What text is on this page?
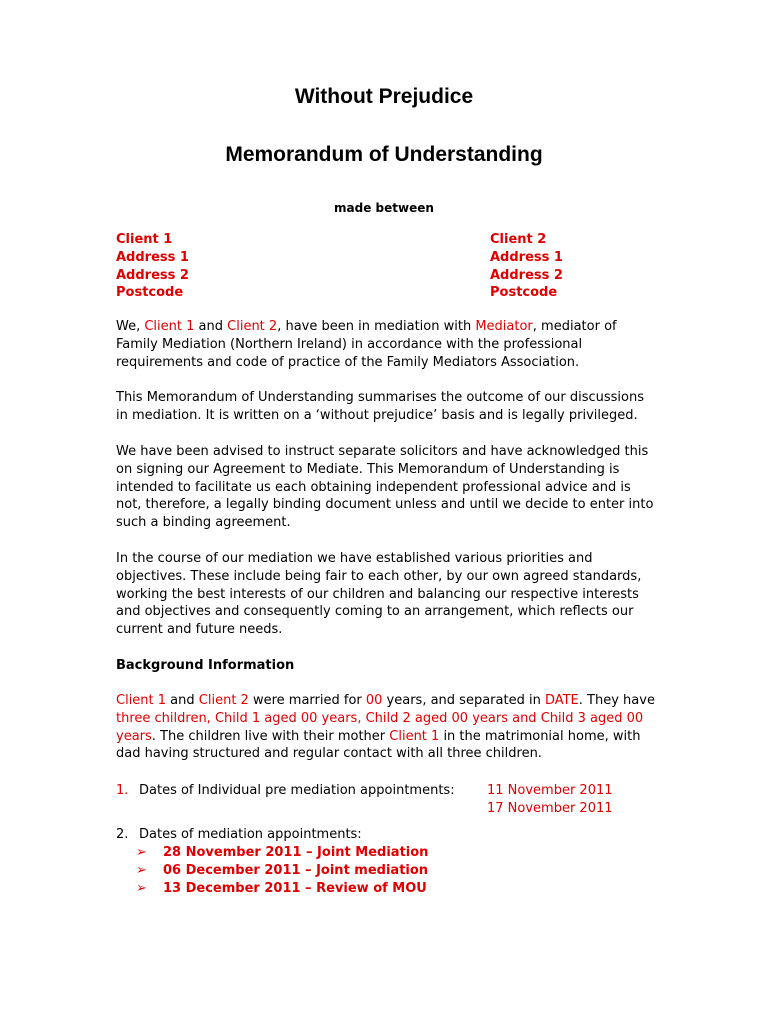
Without Prejudice
Memorandum of Understanding
made between
Client 1
Address 1
Address 2
Postcode
Client 2
Address 1
Address 2
Postcode
We, Client 1 and Client 2, have been in mediation with Mediator, mediator of Family Mediation (Northern Ireland) in accordance with the professional requirements and code of practice of the Family Mediators Association.
This Memorandum of Understanding summarises the outcome of our discussions in mediation. It is written on a ‘without prejudice’ basis and is legally privileged.
We have been advised to instruct separate solicitors and have acknowledged this on signing our Agreement to Mediate. This Memorandum of Understanding is intended to facilitate us each obtaining independent professional advice and is not, therefore, a legally binding document unless and until we decide to enter into such a binding agreement.
In the course of our mediation we have established various priorities and objectives. These include being fair to each other, by our own agreed standards, working the best interests of our children and balancing our respective interests and objectives and consequently coming to an arrangement, which reflects our current and future needs.
Background Information
Client 1 and Client 2 were married for 00 years, and separated in DATE. They have three children, Child 1 aged 00 years, Child 2 aged 00 years and Child 3 aged 00 years. The children live with their mother Client 1 in the matrimonial home, with dad having structured and regular contact with all three children.
1. Dates of Individual pre mediation appointments: 11 November 2011
17 November 2011
2. Dates of mediation appointments:
➢ 28 November 2011 – Joint Mediation
➢ 06 December 2011 – Joint mediation
➢ 13 December 2011 – Review of MOU
